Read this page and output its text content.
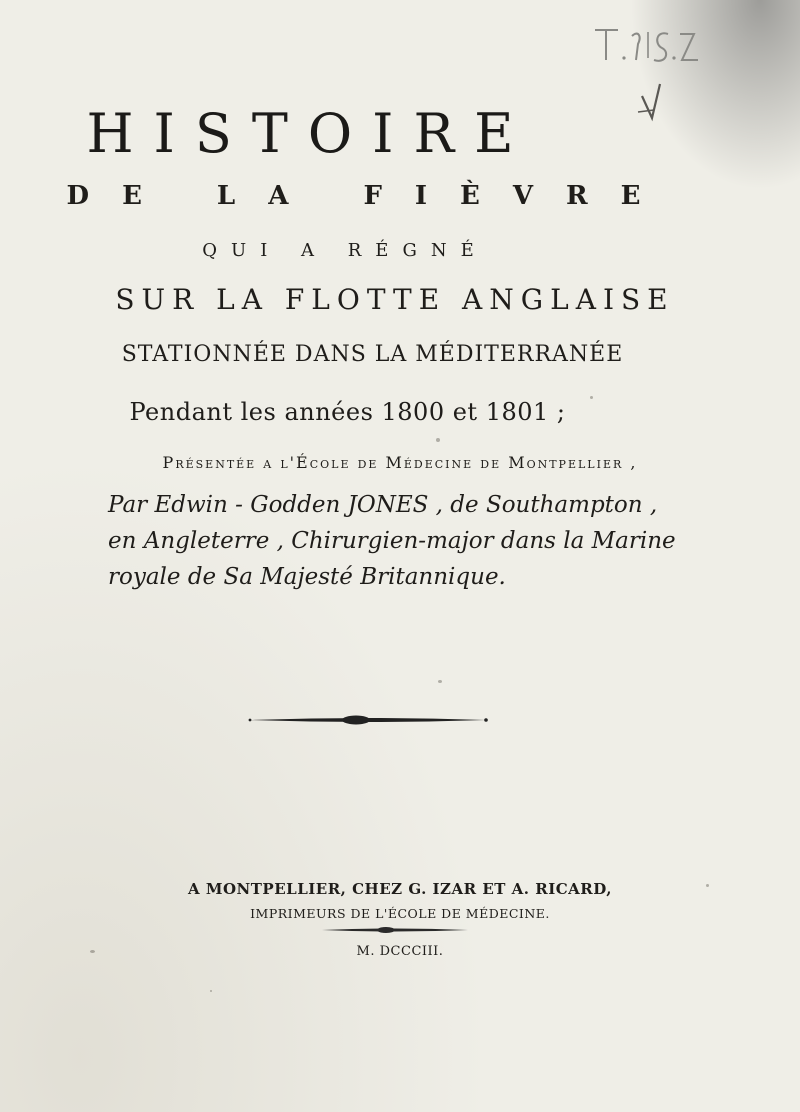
HISTOIRE
DE LA FIÈVRE
QUI A RÉGNÉ
SUR LA FLOTTE ANGLAISE
STATIONNÉE DANS LA MÉDITERRANÉE
Pendant les années 1800 et 1801 ;
Présentée a l'École de Médecine de Montpellier ,
Par Edwin - Godden JONES , de Southampton ,
en Angleterre , Chirurgien-major dans la Marine
royale de Sa Majesté Britannique.
A MONTPELLIER, CHEZ G. IZAR ET A. RICARD,
IMPRIMEURS DE L'ÉCOLE DE MÉDECINE.
M. DCCCIII.
